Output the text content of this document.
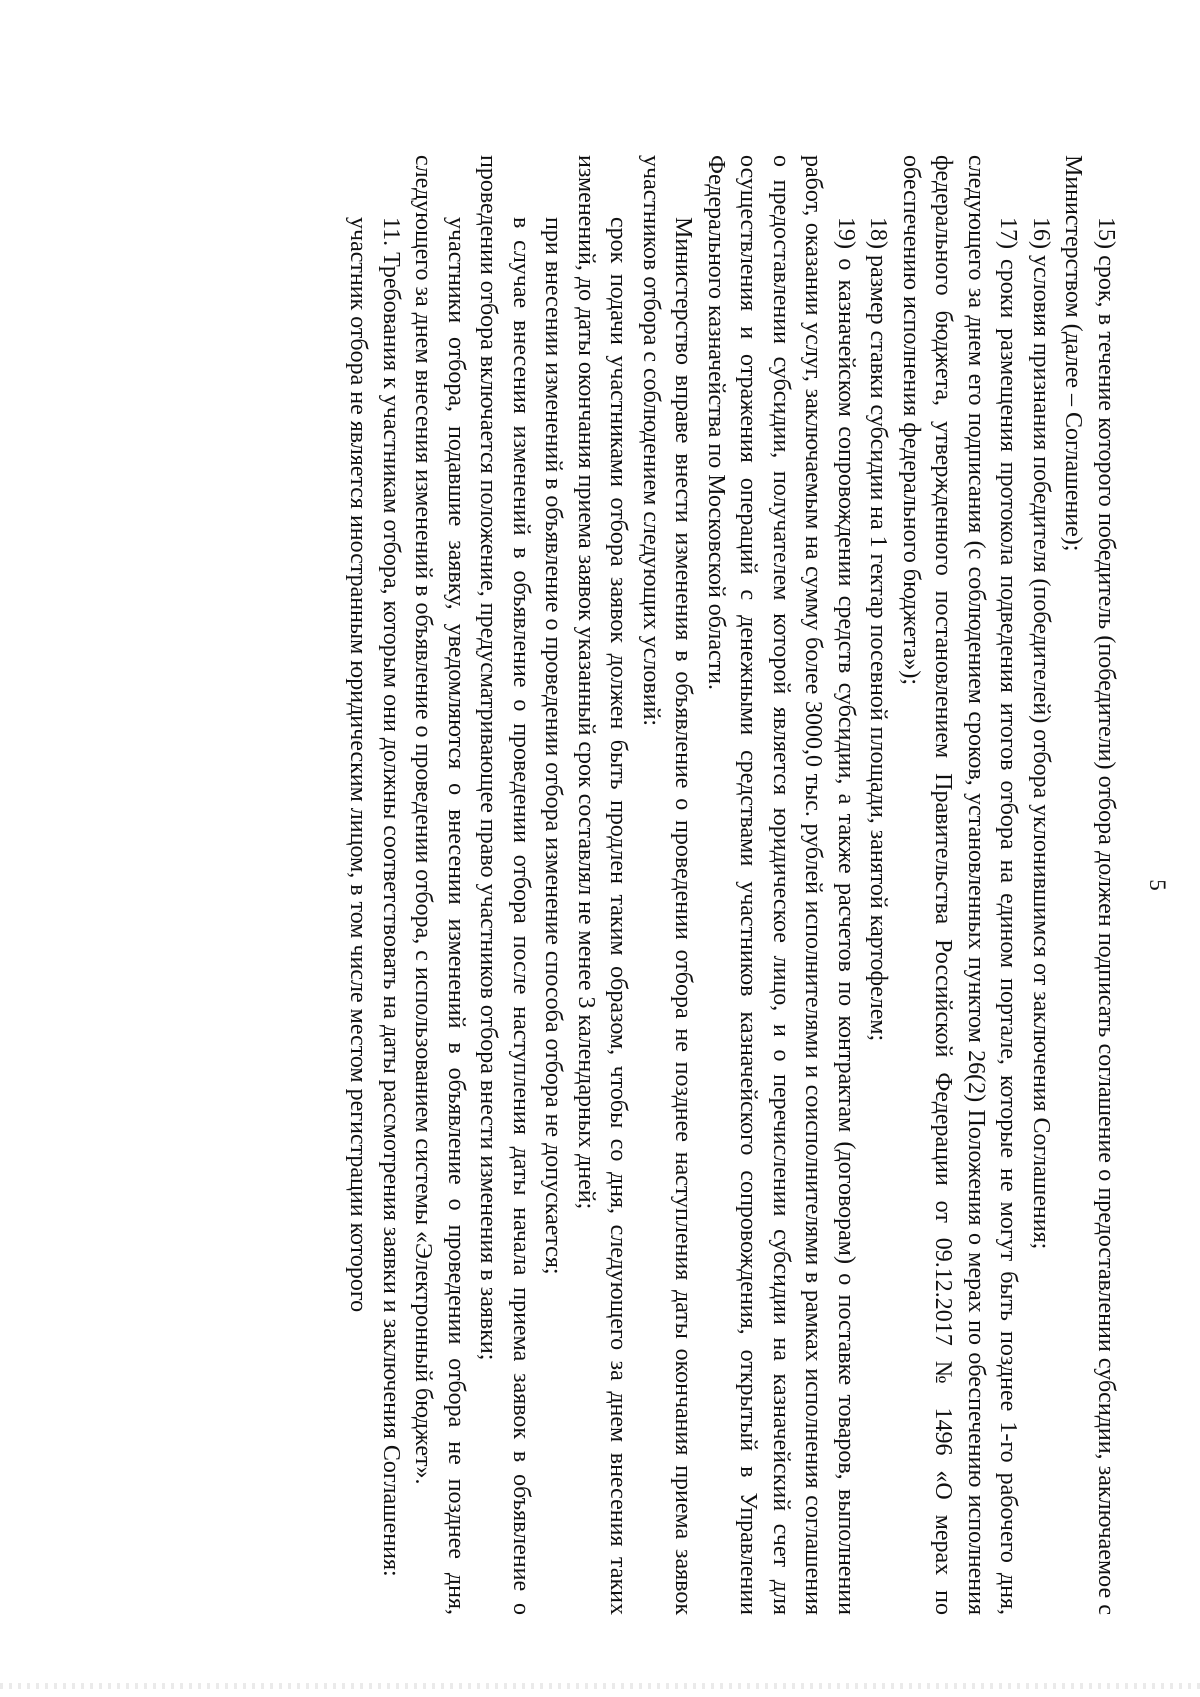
5

15) срок, в течение которого победитель (победители) отбора должен подписать соглашение о предоставлении субсидии, заключаемое с Министерством (далее – Соглашение);

16) условия признания победителя (победителей) отбора уклонившимся от заключения Соглашения;

17) сроки размещения протокола подведения итогов отбора на едином портале, которые не могут быть позднее 1-го рабочего дня, следующего за днем его подписания (с соблюдением сроков, установленных пунктом 26(2) Положения о мерах по обеспечению исполнения федерального бюджета, утвержденного постановлением Правительства Российской Федерации от 09.12.2017 № 1496 «О мерах по обеспечению исполнения федерального бюджета»);

18) размер ставки субсидии на 1 гектар посевной площади, занятой картофелем;

19) о казначейском сопровождении средств субсидии, а также расчетов по контрактам (договорам) о поставке товаров, выполнении работ, оказании услуг, заключаемым на сумму более 3000,0 тыс. рублей исполнителями и соисполнителями в рамках исполнения соглашения о предоставлении субсидии, получателем которой является юридическое лицо, и о перечислении субсидии на казначейский счет для осуществления и отражения операций с денежными средствами участников казначейского сопровождения, открытый в Управлении Федерального казначейства по Московской области.

Министерство вправе внести изменения в объявление о проведении отбора не позднее наступления даты окончания приема заявок участников отбора с соблюдением следующих условий:

срок подачи участниками отбора заявок должен быть продлен таким образом, чтобы со дня, следующего за днем внесения таких изменений, до даты окончания приема заявок указанный срок составлял не менее 3 календарных дней;

при внесении изменений в объявление о проведении отбора изменение способа отбора не допускается;

в случае внесения изменений в объявление о проведении отбора после наступления даты начала приема заявок в объявление о проведении отбора включается положение, предусматривающее право участников отбора внести изменения в заявки;

участники отбора, подавшие заявку, уведомляются о внесении изменений в объявление о проведении отбора не позднее дня, следующего за днем внесения изменений в объявление о проведении отбора, с использованием системы «Электронный бюджет».

11. Требования к участникам отбора, которым они должны соответствовать на даты рассмотрения заявки и заключения Соглашения:

участник отбора не является иностранным юридическим лицом, в том числе местом регистрации которого
